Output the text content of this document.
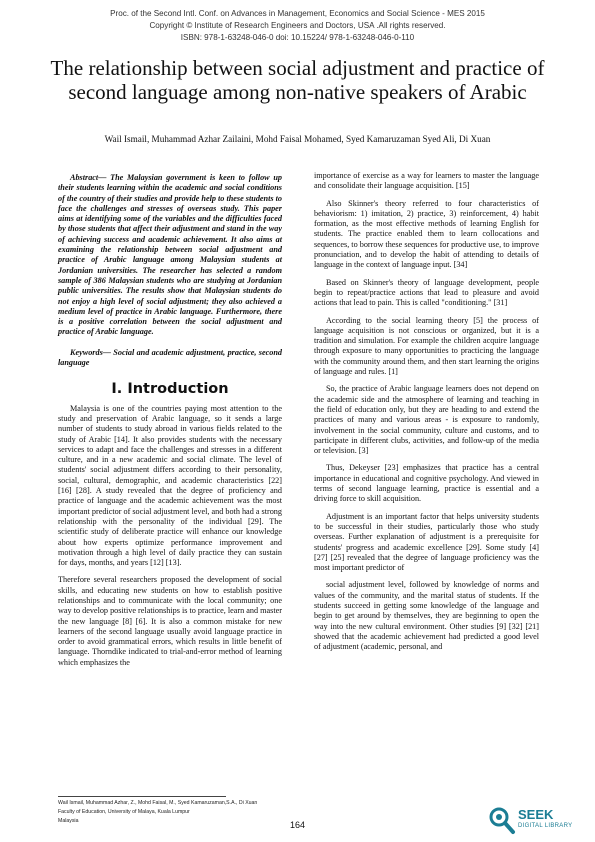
Proc. of the Second Intl. Conf. on Advances in Management, Economics and Social Science - MES 2015
Copyright © Institute of Research Engineers and Doctors, USA .All rights reserved.
ISBN: 978-1-63248-046-0 doi: 10.15224/ 978-1-63248-046-0-110
The relationship between social adjustment and practice of second language among non-native speakers of Arabic
Wail Ismail, Muhammad Azhar Zailaini, Mohd Faisal Mohamed, Syed Kamaruzaman Syed Ali, Di Xuan

Abstract— The Malaysian government is keen to follow up their students learning within the academic and social conditions of the country of their studies and provide help to these students to face the challenges and stresses of overseas study. This paper aims at identifying some of the variables and the difficulties faced by those students that affect their adjustment and stand in the way of achieving success and academic achievement. It also aims at examining the relationship between social adjustment and practice of Arabic language among Malaysian students at Jordanian universities. The researcher has selected a random sample of 386 Malaysian students who are studying at Jordanian public universities. The results show that Malaysian students do not enjoy a high level of social adjustment; they also achieved a medium level of practice in Arabic language. Furthermore, there is a positive correlation between the social adjustment and practice of Arabic language.

Keywords— Social and academic adjustment, practice, second language

I. Introduction

Malaysia is one of the countries paying most attention to the study and preservation of Arabic language, so it sends a large number of students to study abroad in various fields related to the study of Arabic [14]. It also provides students with the necessary services to adapt and face the challenges and stresses in a different culture, and in a new academic and social climate. The level of students' social adjustment differs according to their personality, social, cultural, demographic, and academic characteristics [22] [16] [28]. A study revealed that the degree of proficiency and practice of language and the academic achievement was the most important predictor of social adjustment level, and both had a strong relationship with the personality of the individual [29]. The scientific study of deliberate practice will enhance our knowledge about how experts optimize performance improvement and motivation through a high level of daily practice they can sustain for days, months, and years [12] [13].

Therefore several researchers proposed the development of social skills, and educating new students on how to establish positive relationships and to communicate with the local community; one way to develop positive relationships is to practice, learn and master the new language [8] [6]. It is also a common mistake for new learners of the second language usually avoid language practice in order to avoid grammatical errors, which results in little benefit of language. Thorndike indicated to trial-and-error method of learning which emphasizes the

importance of exercise as a way for learners to master the language and consolidate their language acquisition. [15]

Also Skinner's theory referred to four characteristics of behaviorism: 1) imitation, 2) practice, 3) reinforcement, 4) habit formation, as the most effective methods of learning English for students. The practice enabled them to learn collocations and sequences, to borrow these sequences for productive use, to improve pronunciation, and to develop the habit of attending to details of language in the context of language input. [34]

Based on Skinner's theory of language development, people begin to repeat/practice actions that lead to pleasure and avoid actions that lead to pain. This is called "conditioning." [31]

According to the social learning theory [5] the process of language acquisition is not conscious or organized, but it is a tradition and simulation. For example the children acquire language through exposure to many opportunities to practicing the language with the community around them, and then start learning the origins of language and rules. [1]

So, the practice of Arabic language learners does not depend on the academic side and the atmosphere of learning and teaching in the field of education only, but they are heading to and extend the practices of many and various areas - is exposure to randomly, involvement in the social community, culture and customs, and to participate in different clubs, activities, and follow-up of the media or television. [3]

Thus, Dekeyser [23] emphasizes that practice has a central importance in educational and cognitive psychology. And viewed in terms of second language learning, practice is essential and a driving force to skill acquisition.

Adjustment is an important factor that helps university students to be successful in their studies, particularly those who study overseas. Further explanation of adjustment is a prerequisite for students' progress and academic excellence [29]. Some study [4] [27] [25] revealed that the degree of language proficiency was the most important predictor of

social adjustment level, followed by knowledge of norms and values of the community, and the marital status of students. If the students succeed in getting some knowledge of the language and begin to get around by themselves, they are beginning to open the way into the new cultural environment. Other studies [9] [32] [21] showed that the academic achievement had predicted a good level of adjustment (academic, personal, and

Wail Ismail, Muhammad Azhar, Z., Mohd Faisal, M., Syed Kamaruzaman,S.A., Di Xuan
Faculty of Education, University of Malaya, Kuala Lumpur
Malaysia	164
SEEK
DIGITAL LIBRARY
